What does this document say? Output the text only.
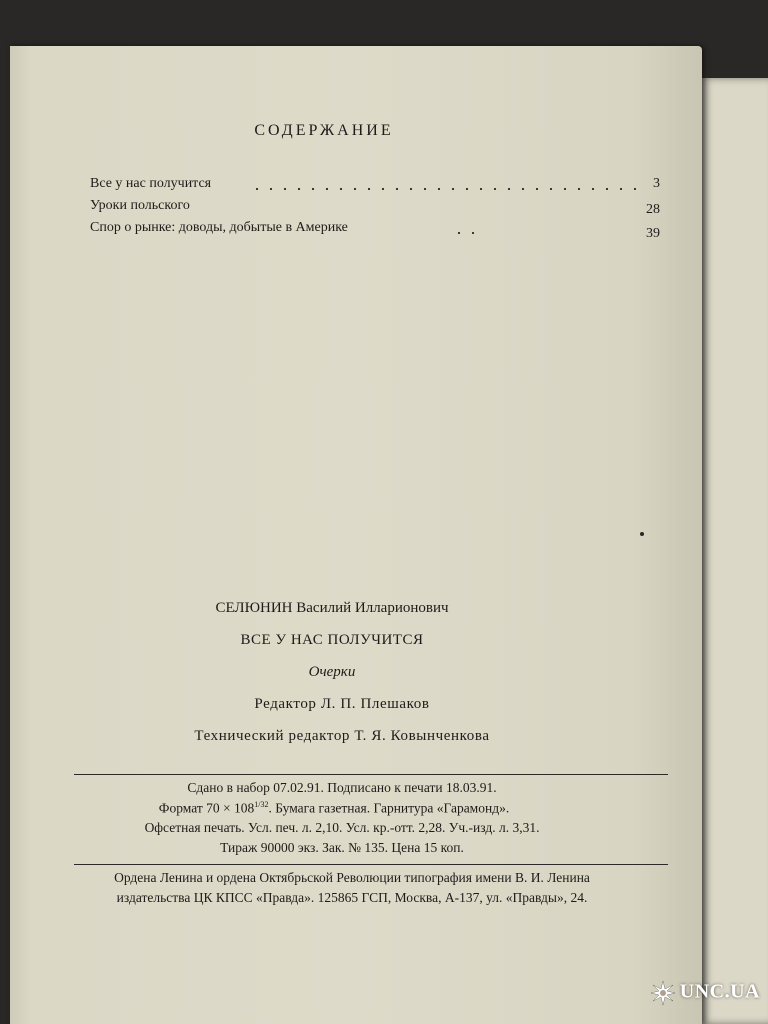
СОДЕРЖАНИЕ
Все у нас получится	3
Уроки польского	28
Спор о рынке: доводы, добытые в Америке	39
СЕЛЮНИН Василий Илларионович
ВСЕ У НАС ПОЛУЧИТСЯ
Очерки
Редактор Л. П. Плешаков
Технический редактор Т. Я. Ковынченкова
Сдано в набор 07.02.91. Подписано к печати 18.03.91.
Формат $70 \times 108^{1/32}$. Бумага газетная. Гарнитура «Гарамонд».
Офсетная печать. Усл. печ. л. 2,10. Усл. кр.-отт. 2,28. Уч.-изд. л. 3,31.
Тираж 90000 экз. Зак. № 135. Цена 15 коп.
Ордена Ленина и ордена Октябрьской Революции типография имени В. И. Ленина
издательства ЦК КПСС «Правда». 125865 ГСП, Москва, А-137, ул. «Правды», 24.
UNC.UA
